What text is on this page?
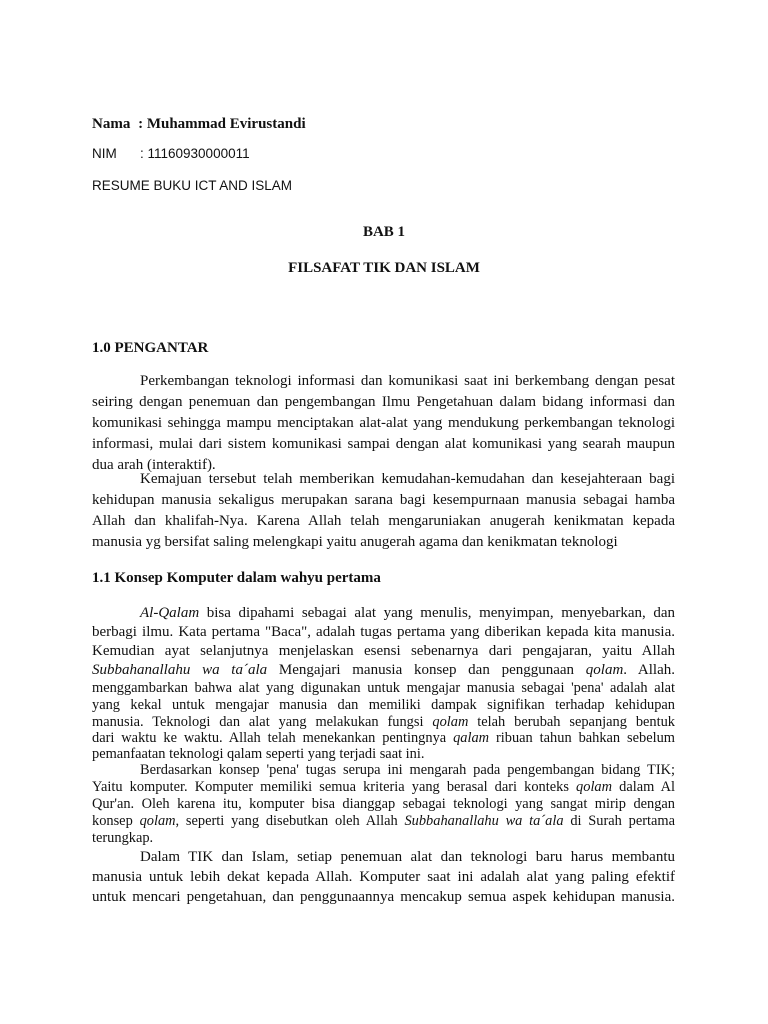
Nama : Muhammad Evirustandi
NIM : 11160930000011
RESUME BUKU ICT AND ISLAM
BAB 1
FILSAFAT TIK DAN ISLAM
1.0 PENGANTAR
Perkembangan teknologi informasi dan komunikasi saat ini berkembang dengan pesat
seiring dengan penemuan dan pengembangan Ilmu Pengetahuan dalam bidang informasi dan
komunikasi sehingga mampu menciptakan alat-alat yang mendukung perkembangan teknologi
informasi, mulai dari sistem komunikasi sampai dengan alat komunikasi yang searah maupun
dua arah (interaktif).
Kemajuan tersebut telah memberikan kemudahan-kemudahan dan kesejahteraan bagi
kehidupan manusia sekaligus merupakan sarana bagi kesempurnaan manusia sebagai hamba
Allah dan khalifah-Nya. Karena Allah telah mengaruniakan anugerah kenikmatan kepada
manusia yg bersifat saling melengkapi yaitu anugerah agama dan kenikmatan teknologi
1.1 Konsep Komputer dalam wahyu pertama
Al-Qalam bisa dipahami sebagai alat yang menulis, menyimpan, menyebarkan, dan
berbagi ilmu. Kata pertama "Baca", adalah tugas pertama yang diberikan kepada kita manusia.
Kemudian ayat selanjutnya menjelaskan esensi sebenarnya dari pengajaran, yaitu Allah
Subbahanallahu wa ta´ala Mengajari manusia konsep dan penggunaan qolam. Allah.
menggambarkan bahwa alat yang digunakan untuk mengajar manusia sebagai 'pena' adalah alat
yang kekal untuk mengajar manusia dan memiliki dampak signifikan terhadap kehidupan
manusia. Teknologi dan alat yang melakukan fungsi qolam telah berubah sepanjang bentuk
dari waktu ke waktu. Allah telah menekankan pentingnya qalam ribuan tahun bahkan sebelum
pemanfaatan teknologi qalam seperti yang terjadi saat ini.
Berdasarkan konsep 'pena' tugas serupa ini mengarah pada pengembangan bidang TIK;
Yaitu komputer. Komputer memiliki semua kriteria yang berasal dari konteks qolam dalam Al
Qur'an. Oleh karena itu, komputer bisa dianggap sebagai teknologi yang sangat mirip dengan
konsep qolam, seperti yang disebutkan oleh Allah Subbahanallahu wa ta´ala di Surah pertama
terungkap.
Dalam TIK dan Islam, setiap penemuan alat dan teknologi baru harus membantu
manusia untuk lebih dekat kepada Allah. Komputer saat ini adalah alat yang paling efektif
untuk mencari pengetahuan, dan penggunaannya mencakup semua aspek kehidupan manusia.
